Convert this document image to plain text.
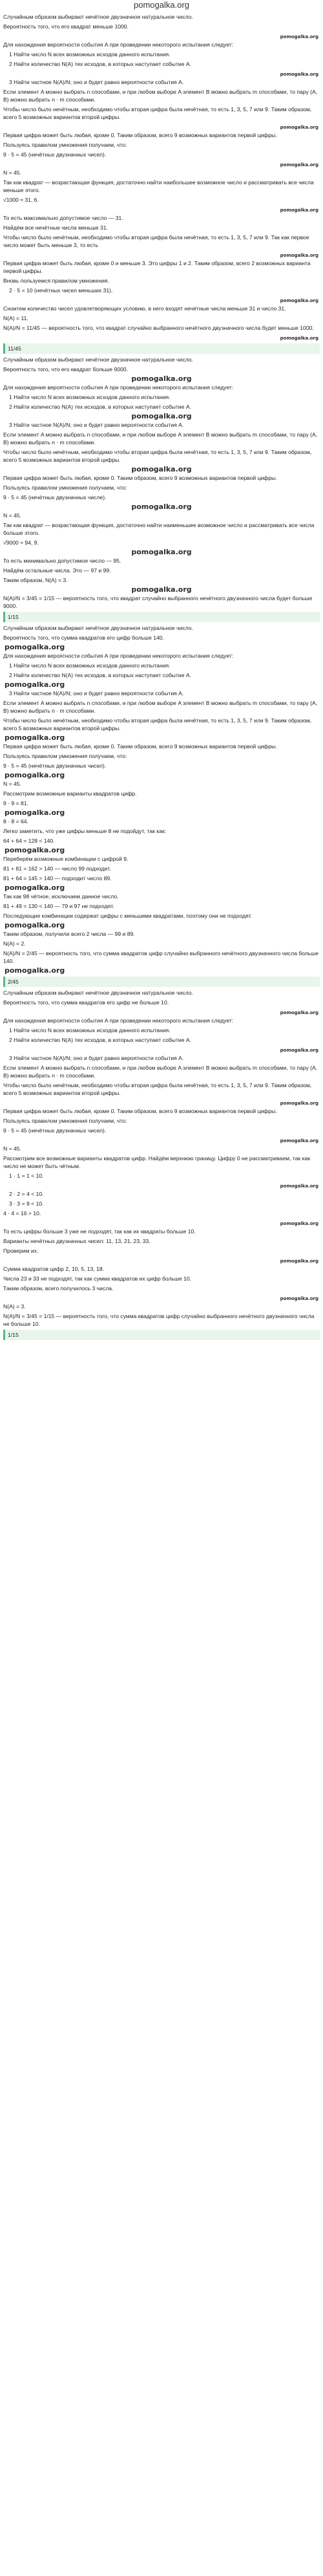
pomogalka.org
Случайным образом выбирают нечётное двузначное натуральное число.
Вероятность того, что его квадрат меньше 1000.
pomogalka.org
Для нахождения вероятности события A при проведении некоторого испытания следует:
1 Найти число N всех возможных исходов данного испытания.
2 Найти количество N(A) тех исходов, в которых наступает событие A.
pomogalka.org
3 Найти частное N(A)/N; оно и будет равно вероятности события A.
Если элемент A можно выбрать n способами, и при любом выборе A элемент B можно выбрать m способами, то пару (A, B) можно выбрать n · m способами.
Чтобы число было нечётным, необходимо чтобы вторая цифра была нечётная, то есть 1, 3, 5, 7 или 9. Таким образом, всего 5 возможных вариантов второй цифры.
pomogalka.org
Первая цифра может быть любая, кроме 0. Таким образом, всего 9 возможных вариантов первой цифры.
Пользуясь правилом умножения получаем, что:
9 · 5 = 45 (нечётных двузначных чисел).
pomogalka.org
N = 45.
Так как квадрат — возрастающая функция, достаточно найти наибольшее возможное число и рассматривать все числа меньше этого.
√1000 ≈ 31, 6.
pomogalka.org
То есть максимально допустимое число — 31.
Найдём все нечётные числа меньше 31.
Чтобы число было нечётным, необходимо чтобы вторая цифра была нечётная, то есть 1, 3, 5, 7 или 9. Так как первое число может быть меньше 3, то есть
pomogalka.org
Первая цифра может быть любая, кроме 0 и меньше 3. Это цифры 1 и 2. Таким образом, всего 2 возможных варианта первой цифры.
Вновь пользуемся правилом умножения.
2 · 5 = 10 (нечётных чисел меньших 31).
pomogalka.org
Сноитем количество чисел удовлетворяющих условию, в него входят нечётные числа меньше 31 и число 31.
N(A) = 11.
N(A)/N = 11/45 — вероятность того, что квадрат случайно выбранного нечётного двузначного числа будет меньше 1000.
pomogalka.org
11/45
Случайным образом выбирают нечётное двузначное натуральное число.
Вероятность того, что его квадрат больше 9000.
pomogalka.org
Для нахождения вероятности события A при проведении некоторого испытания следует:
1 Найти число N всех возможных исходов данного испытания.
2 Найти количество N(A) тех исходов, в которых наступает событие A.
pomogalka.org
3 Найти частное N(A)/N; оно и будет равно вероятности события A.
Если элемент A можно выбрать n способами, и при любом выборе A элемент B можно выбрать m способами, то пару (A, B) можно выбрать n · m способами.
Чтобы число было нечётным, необходимо чтобы вторая цифра была нечётная, то есть 1, 3, 5, 7 или 9. Таким образом, всего 5 возможных вариантов второй цифры.
pomogalka.org
Первая цифра может быть любая, кроме 0. Таким образом, всего 9 возможных вариантов первой цифры.
Пользуясь правилом умножения получаем, что:
9 · 5 = 45 (нечётных двузначных числе).
pomogalka.org
N = 45.
Так как квадрат — возрастающая функция, достаточно найти наименьшее возможное число и рассматривать все числа больше этого.
√9000 ≈ 94, 9.
pomogalka.org
То есть минимально допустимое число — 95.
Найдём остальные числа. Это — 97 и 99.
Таким образом, N(A) = 3.
pomogalka.org
N(A)/N = 3/45 = 1/15 — вероятность того, что квадрат случайно выбранного нечётного двузначного числа будет больше 9000.
1/15
Случайным образом выбирают нечётное двузначное натуральное число.
Вероятность того, что сумма квадратов его цифр больше 140.
pomogalka.org
Для нахождения вероятности события A при проведении некоторого испытания следует:
1 Найти число N всех возможных исходов данного испытания.
2 Найти количество N(A) тех исходов, в которых наступает событие A.
pomogalka.org
3 Найти частное N(A)/N; оно и будет равно вероятности события A.
Если элемент A можно выбрать n способами, и при любом выборе A элемент B можно выбрать m способами, то пару (A, B) можно выбрать n · m способами.
Чтобы число было нечётным, необходимо чтобы вторая цифра была нечётная, то есть 1, 3, 5, 7 или 9. Таким образом, всего 5 возможных вариантов второй цифры.
pomogalka.org
Первая цифра может быть любая, кроме 0. Таким образом, всего 9 возможных вариантов первой цифры.
Пользуясь правилом умножения получаем, что:
9 · 5 = 45 (нечётных двузначных чисел).
pomogalka.org
N = 45.
Рассмотрим возможные варианты квадратов цифр.
9 · 9 = 81.
pomogalka.org
8 · 8 = 64.
Легко заметить, что уже цифры меньше 8 не подойдут, так как:
64 + 64 = 128 < 140.
pomogalka.org
Переберём возможные комбинации с цифрой 9.
81 + 81 = 162 > 140 — число 99 подходит.
81 + 64 = 145 > 140 — подходит число 89.
pomogalka.org
Так как 98 чётное, исключаем данное число.
81 + 49 = 130 < 140 — 79 и 97 не подходят.
Последующие комбинации содержат цифры с меньшими квадратами, поэтому они не подходят.
pomogalka.org
Таким образом, получили всего 2 числа — 99 и 89.
N(A) = 2.
N(A)/N = 2/45 — вероятность того, что сумма квадратов цифр случайно выбранного нечётного двузначного числа больше 140.
pomogalka.org
2/45
Случайным образом выбирают нечётное двузначное натуральное число.
Вероятность того, что сумма квадратов его цифр не больше 10.
pomogalka.org
Для нахождения вероятности события A при проведении некоторого испытания следует:
1 Найти число N всех возможных исходов данного испытания.
2 Найти количество N(A) тех исходов, в которых наступает событие A.
pomogalka.org
3 Найти частное N(A)/N; оно и будет равно вероятности события A.
Если элемент A можно выбрать n способами, и при любом выборе A элемент B можно выбрать m способами, то пару (A, B) можно выбрать n · m способами.
Чтобы число было нечётным, необходимо чтобы вторая цифра была нечётная, то есть 1, 3, 5, 7 или 9. Таким образом, всего 5 возможных вариантов второй цифры.
pomogalka.org
Первая цифра может быть любая, кроме 0. Таким образом, всего 9 возможных вариантов первой цифры.
Пользуясь правилом умножения получаем, что:
9 · 5 = 45 (нечётных двузначных чисел).
pomogalka.org
N = 45.
Рассмотрим все возможные варианты квадратов цифр. Найдём верхнюю границу. Цифру 0 не рассматриваем, так как число не может быть чётным.
1 · 1 = 1 < 10.
pomogalka.org
2 · 2 = 4 < 10.
3 · 3 = 9 < 10.
4 · 4 = 16 > 10.
pomogalka.org
То есть цифры больше 3 уже не подходят, так как их квадраты больше 10.
Варианты нечётных двузначных чисел: 11, 13, 21, 23, 33.
Проверим их.
pomogalka.org
Сумма квадратов цифр 2, 10, 5, 13, 18.
Числа 23 и 33 не подходят, так как сумма квадратов их цифр больше 10.
Таким образом, всего получилось 3 числа.
pomogalka.org
N(A) = 3.
N(A)/N = 3/45 = 1/15 — вероятность того, что сумма квадратов цифр случайно выбранного нечётного двузначного числа не больше 10.
1/15
